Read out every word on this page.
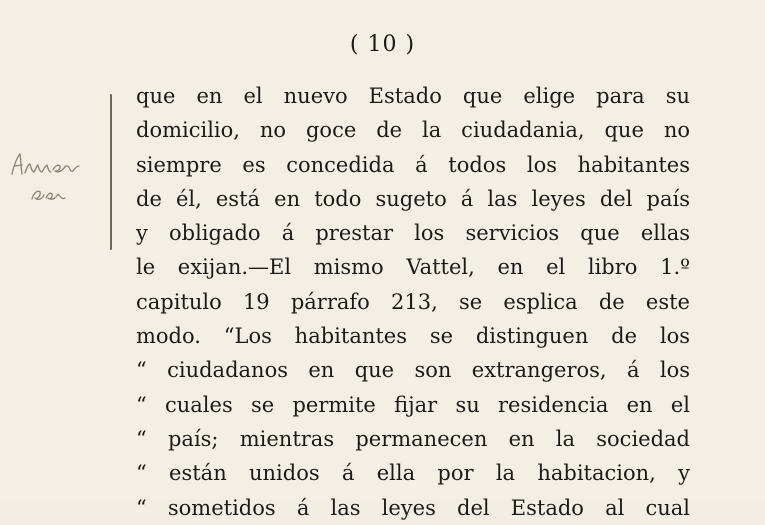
( 10 )
que en el nuevo Estado que elige para su
domicilio, no goce de la ciudadania, que no
siempre es concedida á todos los habitantes
de él, está en todo sugeto á las leyes del país
y obligado á prestar los servicios que ellas
le exijan.—El mismo Vattel, en el libro 1.º
capitulo 19 párrafo 213, se esplica de este
modo. “Los habitantes se distinguen de los
“ ciudadanos en que son extrangeros, á los
“ cuales se permite fijar su residencia en el
“ país; mientras permanecen en la sociedad
“ están unidos á ella por la habitacion, y
“ sometidos á las leyes del Estado al cual
